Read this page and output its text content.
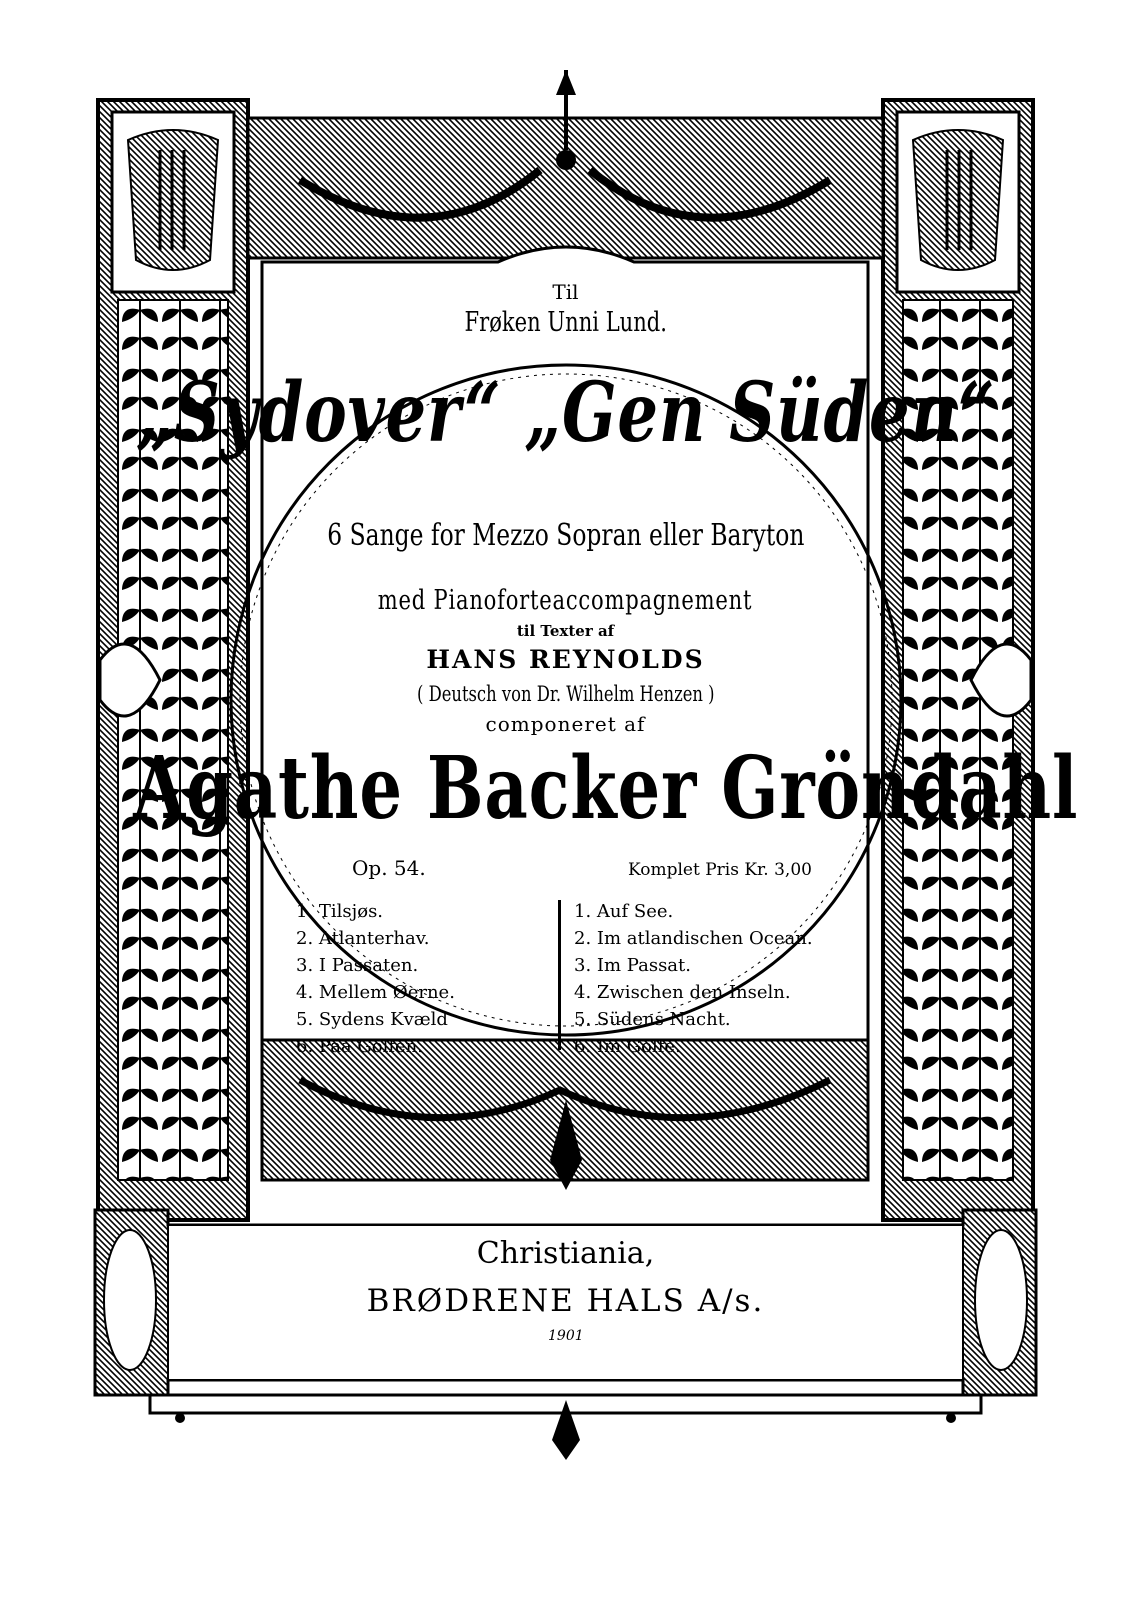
Til
Frøken Unni Lund.
„Sydover“ „Gen Süden“
6 Sange for Mezzo Sopran eller Baryton
med Pianoforteaccompagnement
til Texter af
HANS REYNOLDS
( Deutsch von Dr. Wilhelm Henzen )
componeret af
Agathe Backer Gröndahl
Op. 54.	Komplet Pris Kr. 3,00
1. Tilsjøs.
2. Atlanterhav.
3. I Passaten.
4. Mellem Øerne.
5. Sydens Kvæld
6. Paa Golfen.
1. Auf See.
2. Im atlandischen Ocean.
3. Im Passat.
4. Zwischen den Inseln.
5. Südens Nacht.
6. Im Golfe.
Christiania,
BRØDRENE HALS A/s.
1901
